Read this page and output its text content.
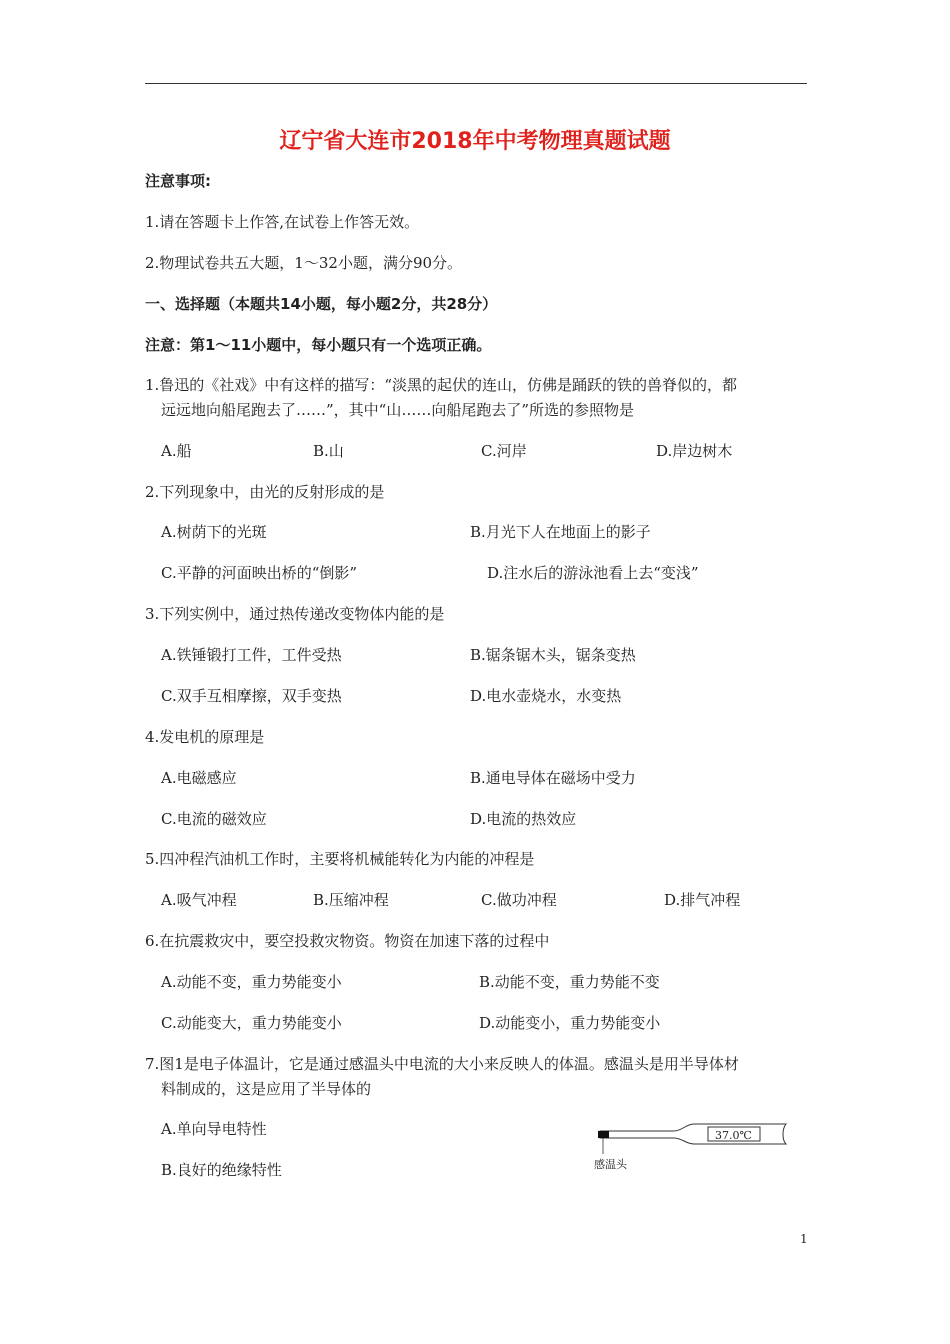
辽宁省大连市2018年中考物理真题试题
注意事项:
1.请在答题卡上作答,在试卷上作答无效。
2.物理试卷共五大题，1～32小题，满分90分。
一、选择题（本题共14小题，每小题2分，共28分）
注意：第1～11小题中，每小题只有一个选项正确。
1.鲁迅的《社戏》中有这样的描写：“淡黑的起伏的连山，仿佛是踊跃的铁的兽脊似的，都
远远地向船尾跑去了……”，其中“山……向船尾跑去了”所选的参照物是
A.船	B.山	C.河岸	D.岸边树木
2.下列现象中，由光的反射形成的是
A.树荫下的光斑	B.月光下人在地面上的影子
C.平静的河面映出桥的“倒影”	D.注水后的游泳池看上去“变浅”
3.下列实例中，通过热传递改变物体内能的是
A.铁锤锻打工件，工件受热	B.锯条锯木头，锯条变热
C.双手互相摩擦，双手变热	D.电水壶烧水，水变热
4.发电机的原理是
A.电磁感应	B.通电导体在磁场中受力
C.电流的磁效应	D.电流的热效应
5.四冲程汽油机工作时，主要将机械能转化为内能的冲程是
A.吸气冲程	B.压缩冲程	C.做功冲程	D.排气冲程
6.在抗震救灾中，要空投救灾物资。物资在加速下落的过程中
A.动能不变，重力势能变小	B.动能不变，重力势能不变
C.动能变大，重力势能变小	D.动能变小，重力势能变小
7.图1是电子体温计，它是通过感温头中电流的大小来反映人的体温。感温头是用半导体材
料制成的，这是应用了半导体的
A.单向导电特性
B.良好的绝缘特性
37.0℃
感温头
1
